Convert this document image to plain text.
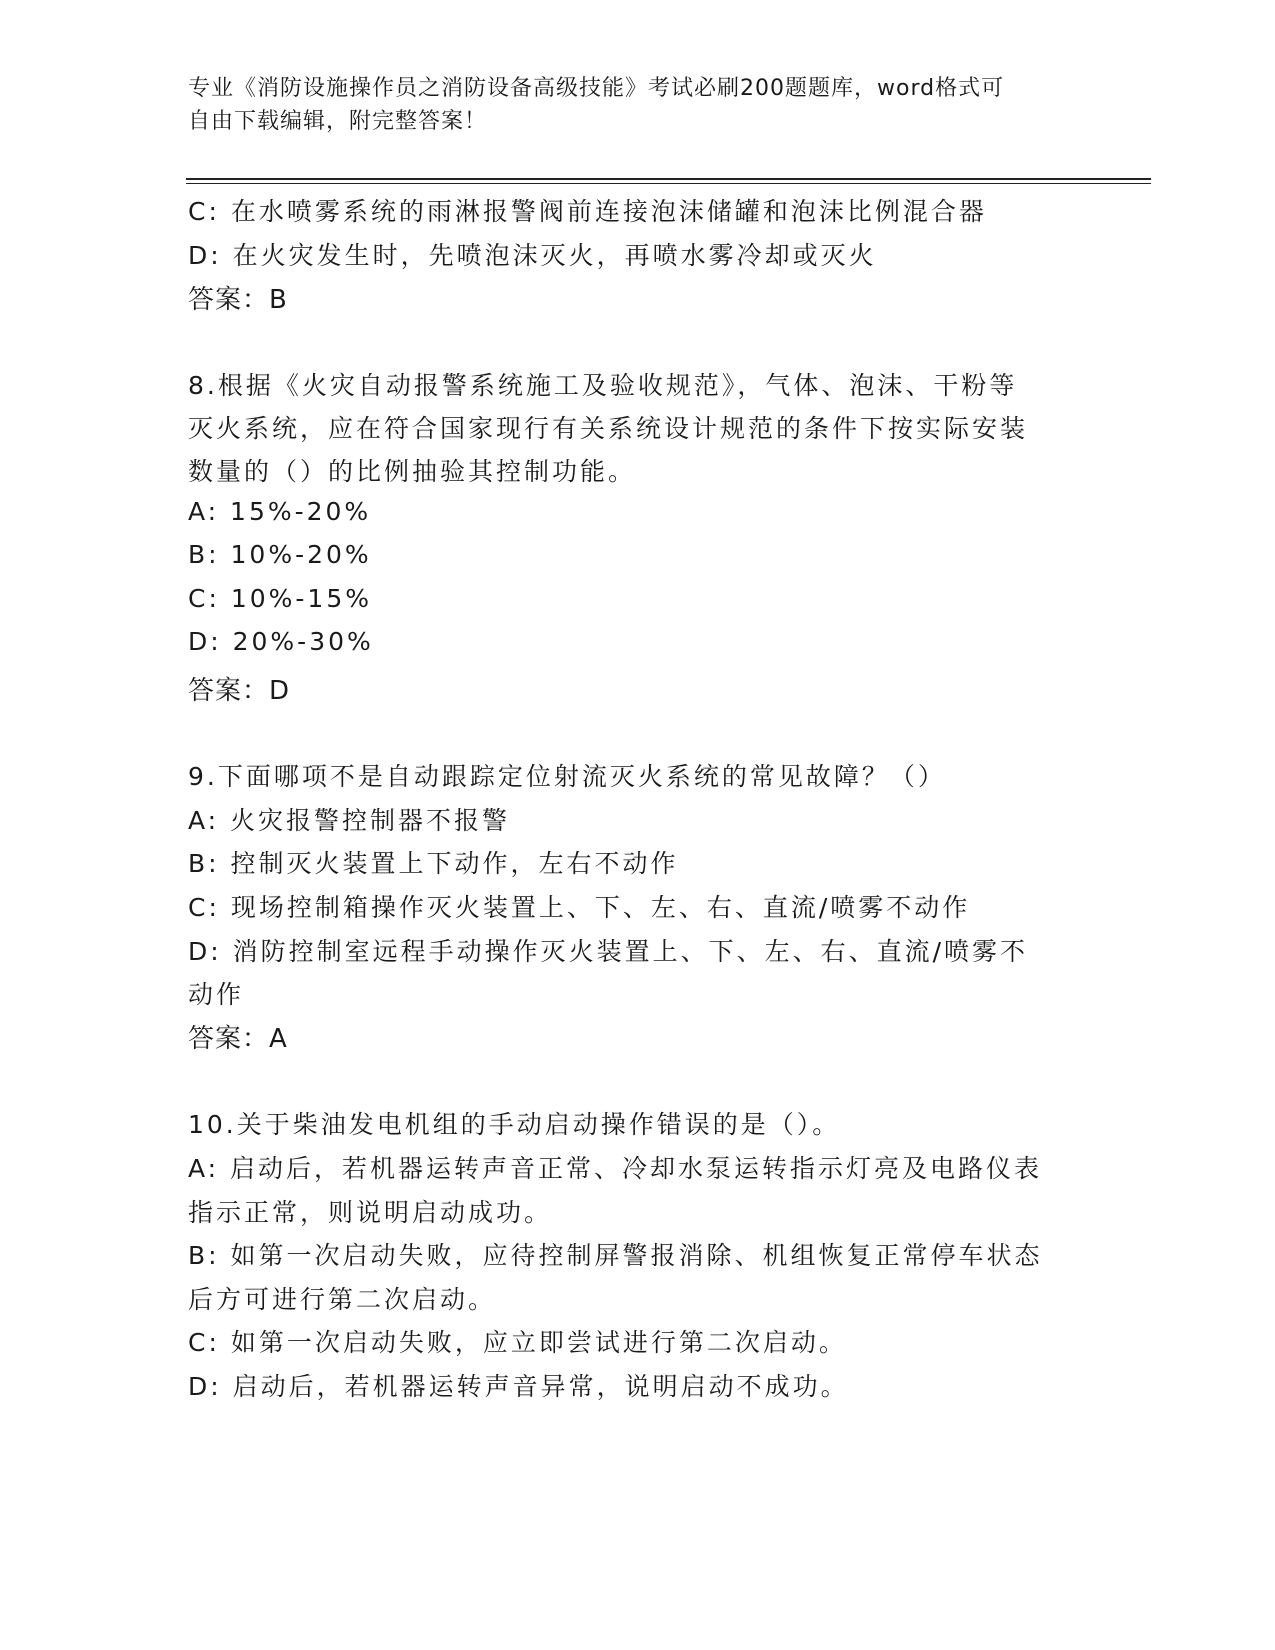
专业《消防设施操作员之消防设备高级技能》考试必刷200题题库，word格式可
自由下载编辑，附完整答案！
C: 在水喷雾系统的雨淋报警阀前连接泡沫储罐和泡沫比例混合器
D: 在火灾发生时，先喷泡沫灭火，再喷水雾冷却或灭火
答案：B
8.根据《火灾自动报警系统施工及验收规范》，气体、泡沫、干粉等
灭火系统，应在符合国家现行有关系统设计规范的条件下按实际安装
数量的（）的比例抽验其控制功能。
A: 15%-20%
B: 10%-20%
C: 10%-15%
D: 20%-30%
答案：D
9.下面哪项不是自动跟踪定位射流灭火系统的常见故障？（）
A: 火灾报警控制器不报警
B: 控制灭火装置上下动作，左右不动作
C: 现场控制箱操作灭火装置上、下、左、右、直流/喷雾不动作
D: 消防控制室远程手动操作灭火装置上、下、左、右、直流/喷雾不
动作
答案：A
10.关于柴油发电机组的手动启动操作错误的是（）。
A: 启动后，若机器运转声音正常、冷却水泵运转指示灯亮及电路仪表
指示正常，则说明启动成功。
B: 如第一次启动失败，应待控制屏警报消除、机组恢复正常停车状态
后方可进行第二次启动。
C: 如第一次启动失败，应立即尝试进行第二次启动。
D: 启动后，若机器运转声音异常，说明启动不成功。
